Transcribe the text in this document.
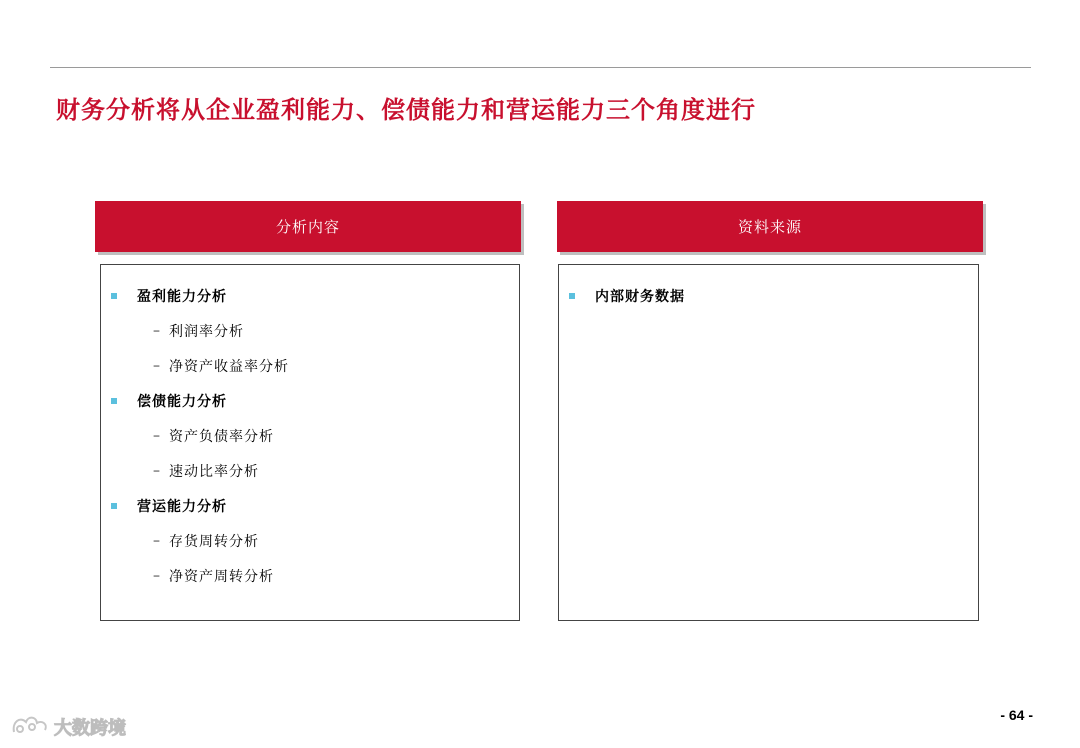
财务分析将从企业盈利能力、偿债能力和营运能力三个角度进行
分析内容	资料来源
盈利能力分析
– 利润率分析
– 净资产收益率分析
偿债能力分析
– 资产负债率分析
– 速动比率分析
营运能力分析
– 存货周转分析
– 净资产周转分析
内部财务数据
大数跨境
- 64 -
